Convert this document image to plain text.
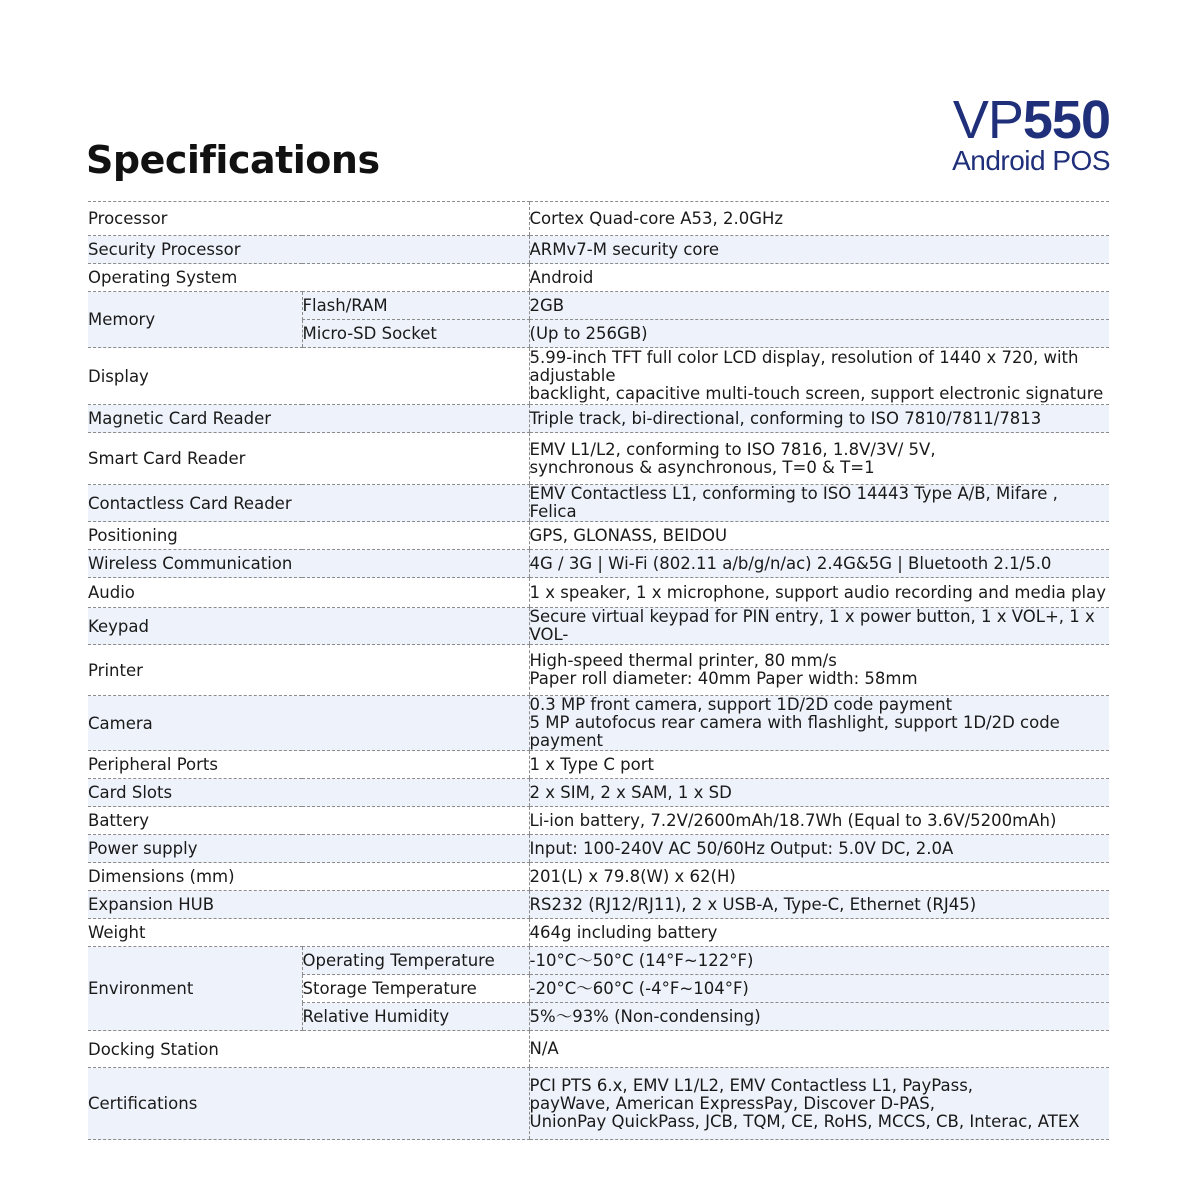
Specifications
VP550
Android POS
Processor		Cortex Quad-core A53, 2.0GHz
Security Processor		ARMv7-M security core
Operating System		Android
Memory	Flash/RAM	2GB
	Micro-SD Socket	(Up to 256GB)
Display		5.99-inch TFT full color LCD display, resolution of 1440 x 720, with adjustable
backlight, capacitive multi-touch screen, support electronic signature

Magnetic Card Reader		Triple track, bi-directional, conforming to ISO 7810/7811/7813
Smart Card Reader		EMV L1/L2, conforming to ISO 7816, 1.8V/3V/ 5V,
synchronous & asynchronous, T=0 & T=1

Contactless Card Reader		EMV Contactless L1, conforming to ISO 14443 Type A/B, Mifare , Felica
Positioning		GPS, GLONASS, BEIDOU
Wireless Communication		4G / 3G | Wi-Fi (802.11 a/b/g/n/ac) 2.4G&5G | Bluetooth 2.1/5.0
Audio		1 x speaker, 1 x microphone, support audio recording and media play
Keypad		Secure virtual keypad for PIN entry, 1 x power button, 1 x VOL+, 1 x VOL-
Printer		High-speed thermal printer, 80 mm/s
Paper roll diameter: 40mm Paper width: 58mm

Camera		0.3 MP front camera, support 1D/2D code payment
5 MP autofocus rear camera with flashlight, support 1D/2D code payment

Peripheral Ports		1 x Type C port
Card Slots		2 x SIM, 2 x SAM, 1 x SD
Battery		Li-ion battery, 7.2V/2600mAh/18.7Wh (Equal to 3.6V/5200mAh)
Power supply		Input: 100-240V AC 50/60Hz Output: 5.0V DC, 2.0A
Dimensions (mm)		201(L) x 79.8(W) x 62(H)
Expansion HUB		RS232 (RJ12/RJ11), 2 x USB-A, Type-C, Ethernet (RJ45)
Weight		464g including battery
Environment	Operating Temperature	-10°C～50°C (14°F~122°F)
	Storage Temperature	-20°C～60°C (-4°F~104°F)
	Relative Humidity	5%～93% (Non-condensing)
Docking Station		N/A
Certifications		PCI PTS 6.x, EMV L1/L2, EMV Contactless L1, PayPass,
payWave, American ExpressPay, Discover D-PAS,
UnionPay QuickPass, JCB, TQM, CE, RoHS, MCCS, CB, Interac, ATEX
